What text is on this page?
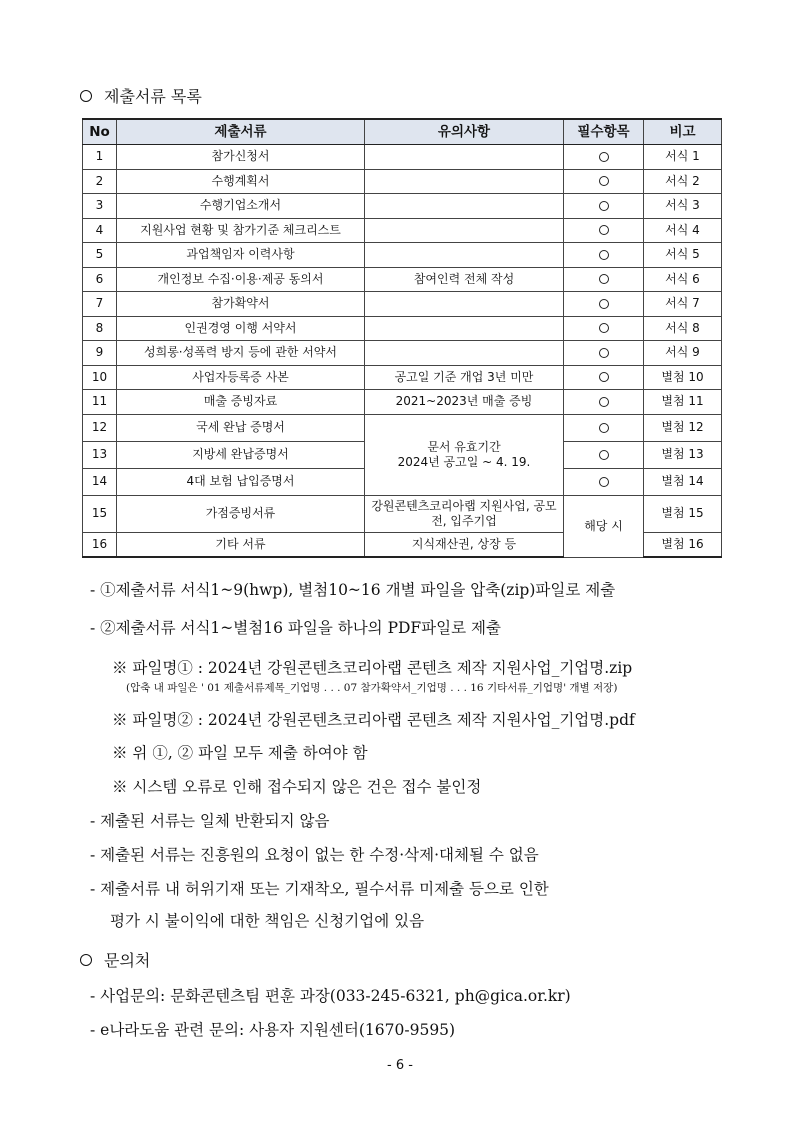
제출서류 목록
No	제출서류	유의사항	필수항목	비고
1	참가신청서			서식 1
2	수행계획서			서식 2
3	수행기업소개서			서식 3
4	지원사업 현황 및 참가기준 체크리스트			서식 4
5	과업책임자 이력사항			서식 5
6	개인정보 수집·이용·제공 동의서	참여인력 전체 작성		서식 6
7	참가확약서			서식 7
8	인권경영 이행 서약서			서식 8
9	성희롱·성폭력 방지 등에 관한 서약서			서식 9
10	사업자등록증 사본	공고일 기준 개업 3년 미만		별첨 10
11	매출 증빙자료	2021~2023년 매출 증빙		별첨 11
12	국세 완납 증명서	문서 유효기간
2024년 공고일 ~ 4. 19.		별첨 12
13	지방세 완납증명서			별첨 13
14	4대 보험 납입증명서			별첨 14
15	가점증빙서류	강원콘텐츠코리아랩 지원사업, 공모전, 입주기업	해당 시	별첨 15
16	기타 서류	지식재산권, 상장 등		별첨 16
- ①제출서류 서식1~9(hwp), 별첨10~16 개별 파일을 압축(zip)파일로 제출
- ②제출서류 서식1~별첨16 파일을 하나의 PDF파일로 제출
※ 파일명① : 2024년 강원콘텐츠코리아랩 콘텐츠 제작 지원사업_기업명.zip
(압축 내 파일은 ' 01 제출서류제목_기업명 . . . 07 참가확약서_기업명 . . . 16 기타서류_기업명' 개별 저장)
※ 파일명② : 2024년 강원콘텐츠코리아랩 콘텐츠 제작 지원사업_기업명.pdf
※ 위 ①, ② 파일 모두 제출 하여야 함
※ 시스템 오류로 인해 접수되지 않은 건은 접수 불인정
- 제출된 서류는 일체 반환되지 않음
- 제출된 서류는 진흥원의 요청이 없는 한 수정·삭제·대체될 수 없음
- 제출서류 내 허위기재 또는 기재착오, 필수서류 미제출 등으로 인한
평가 시 불이익에 대한 책임은 신청기업에 있음
문의처
- 사업문의: 문화콘텐츠팀 편훈 과장(033-245-6321, ph@gica.or.kr)
- e나라도움 관련 문의: 사용자 지원센터(1670-9595)
- 6 -
